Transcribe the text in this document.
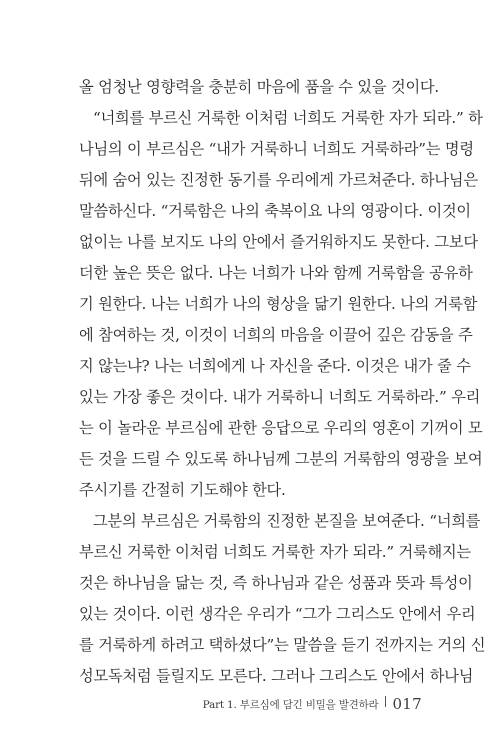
올 엄청난 영향력을 충분히 마음에 품을 수 있을 것이다.
“너희를 부르신 거룩한 이처럼 너희도 거룩한 자가 되라.” 하
나님의 이 부르심은 “내가 거룩하니 너희도 거룩하라”는 명령
뒤에 숨어 있는 진정한 동기를 우리에게 가르쳐준다. 하나님은
말씀하신다. “거룩함은 나의 축복이요 나의 영광이다. 이것이
없이는 나를 보지도 나의 안에서 즐거워하지도 못한다. 그보다
더한 높은 뜻은 없다. 나는 너희가 나와 함께 거룩함을 공유하
기 원한다. 나는 너희가 나의 형상을 닮기 원한다. 나의 거룩함
에 참여하는 것, 이것이 너희의 마음을 이끌어 깊은 감동을 주
지 않는냐? 나는 너희에게 나 자신을 준다. 이것은 내가 줄 수
있는 가장 좋은 것이다. 내가 거룩하니 너희도 거룩하라.” 우리
는 이 놀라운 부르심에 관한 응답으로 우리의 영혼이 기꺼이 모
든 것을 드릴 수 있도록 하나님께 그분의 거룩함의 영광을 보여
주시기를 간절히 기도해야 한다.
그분의 부르심은 거룩함의 진정한 본질을 보여준다. “너희를
부르신 거룩한 이처럼 너희도 거룩한 자가 되라.” 거룩해지는
것은 하나님을 닮는 것, 즉 하나님과 같은 성품과 뜻과 특성이
있는 것이다. 이런 생각은 우리가 “그가 그리스도 안에서 우리
를 거룩하게 하려고 택하셨다”는 말씀을 듣기 전까지는 거의 신
성모독처럼 들릴지도 모른다. 그러나 그리스도 안에서 하나님
Part 1. 부르심에 담긴 비밀을 발견하라 017
